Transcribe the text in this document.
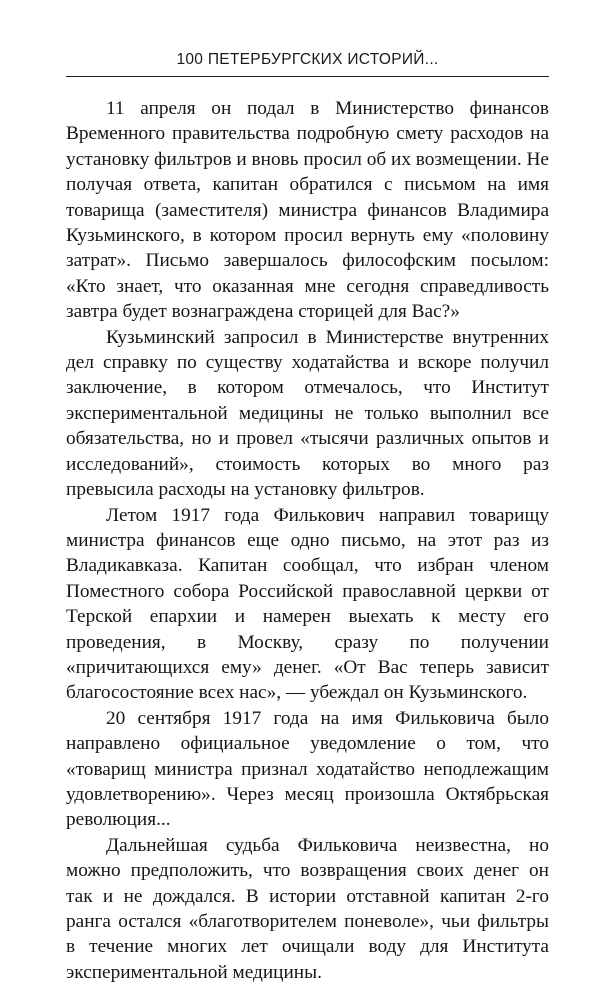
100 ПЕТЕРБУРГСКИХ ИСТОРИЙ...

11 апреля он подал в Министерство финансов Временного правительства подробную смету расходов на установку фильтров и вновь просил об их возмещении. Не получая ответа, капитан обратился с письмом на имя товарища (заместителя) министра финансов Владимира Кузьминского, в котором просил вернуть ему «половину затрат». Письмо завершалось философским посылом: «Кто знает, что оказанная мне сегодня справедливость завтра будет вознаграждена сторицей для Вас?»

Кузьминский запросил в Министерстве внутренних дел справку по существу ходатайства и вскоре получил заключение, в котором отмечалось, что Институт экспериментальной медицины не только выполнил все обязательства, но и провел «тысячи различных опытов и исследований», стоимость которых во много раз превысила расходы на установку фильтров.

Летом 1917 года Филькович направил товарищу министра финансов еще одно письмо, на этот раз из Владикавказа. Капитан сообщал, что избран членом Поместного собора Российской православной церкви от Терской епархии и намерен выехать к месту его проведения, в Москву, сразу по получении «причитающихся ему» денег. «От Вас теперь зависит благосостояние всех нас», — убеждал он Кузьминского.

20 сентября 1917 года на имя Фильковича было направлено официальное уведомление о том, что «товарищ министра признал ходатайство неподлежащим удовлетворению». Через месяц произошла Октябрьская революция...

Дальнейшая судьба Фильковича неизвестна, но можно предположить, что возвращения своих денег он так и не дождался. В истории отставной капитан 2-го ранга остался «благотворителем поневоле», чьи фильтры в течение многих лет очищали воду для Института экспериментальной медицины.
